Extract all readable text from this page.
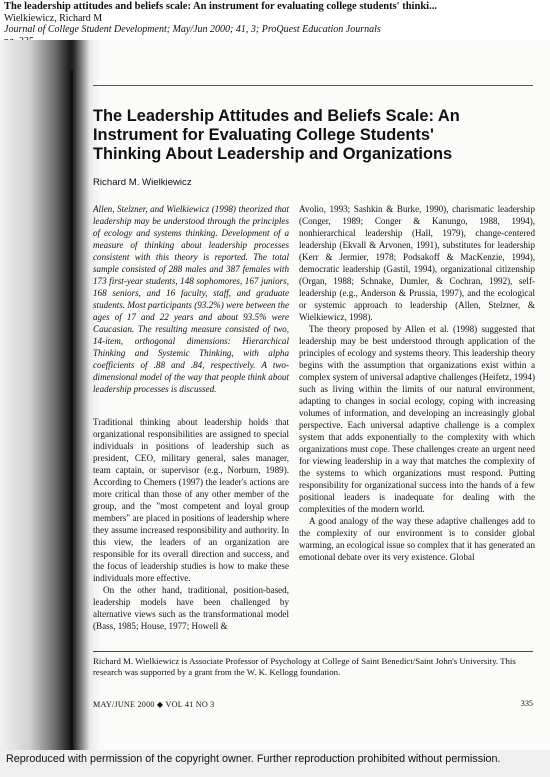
The leadership attitudes and beliefs scale: An instrument for evaluating college students' thinki...
Wielkiewicz, Richard M
Journal of College Student Development; May/Jun 2000; 41, 3; ProQuest Education Journals
The Leadership Attitudes and Beliefs Scale: An
Instrument for Evaluating College Students'
Thinking About Leadership and Organizations
Richard M. Wielkiewicz

Allen, Stelzner, and Wielkiewicz (1998) theorized that leadership may be understood through the principles of ecology and systems thinking. Development of a measure of thinking about leadership processes consistent with this theory is reported. The total sample consisted of 288 males and 387 females with 173 first-year students, 148 sophomores, 167 juniors, 168 seniors, and 16 faculty, staff, and graduate students. Most participants (93.2%) were between the ages of 17 and 22 years and about 93.5% were Caucasian. The resulting measure consisted of two, 14-item, orthogonal dimensions: Hierarchical Thinking and Systemic Thinking, with alpha coefficients of .88 and .84, respectively. A two-dimensional model of the way that people think about leadership processes is discussed.

Traditional thinking about leadership holds that organizational responsibilities are assigned to special individuals in positions of leadership such as president, CEO, military general, sales manager, team captain, or supervisor (e.g., Norburn, 1989). According to Chemers (1997) the leader's actions are more critical than those of any other member of the group, and the "most competent and loyal group members" are placed in positions of leadership where they assume increased responsibility and authority. In this view, the leaders of an organization are responsible for its overall direction and success, and the focus of leadership studies is how to make these individuals more effective.

On the other hand, traditional, position-based, leadership models have been challenged by alternative views such as the transformational model (Bass, 1985; House, 1977; Howell &

Avolio, 1993; Sashkin & Burke, 1990), charismatic leadership (Conger, 1989; Conger & Kanungo, 1988, 1994), nonhierarchical leadership (Hall, 1979), change-centered leadership (Ekvall & Arvonen, 1991), substitutes for leadership (Kerr & Jermier, 1978; Podsakoff & MacKenzie, 1994), democratic leadership (Gastil, 1994), organizational citizenship (Organ, 1988; Schnake, Dumler, & Cochran, 1992), self-leadership (e.g., Anderson & Prussia, 1997), and the ecological or systemic approach to leadership (Allen, Stelzner, & Wielkiewicz, 1998).

The theory proposed by Allen et al. (1998) suggested that leadership may be best understood through application of the principles of ecology and systems theory. This leadership theory begins with the assumption that organizations exist within a complex system of universal adaptive challenges (Heifetz, 1994) such as living within the limits of our natural environment, adapting to changes in social ecology, coping with increasing volumes of information, and developing an increasingly global perspective. Each universal adaptive challenge is a complex system that adds exponentially to the complexity with which organizations must cope. These challenges create an urgent need for viewing leadership in a way that matches the complexity of the systems to which organizations must respond. Putting responsibility for organizational success into the hands of a few positional leaders is inadequate for dealing with the complexities of the modern world.

A good analogy of the way these adaptive challenges add to the complexity of our environment is to consider global warming, an ecological issue so complex that it has generated an emotional debate over its very existence. Global

Richard M. Wielkiewicz is Associate Professor of Psychology at College of Saint Benedict/Saint John's University. This research was supported by a grant from the W. K. Kellogg foundation.
MAY/JUNE 2000 ◆ VOL 41 NO 3	335
Reproduced with permission of the copyright owner. Further reproduction prohibited without permission.
